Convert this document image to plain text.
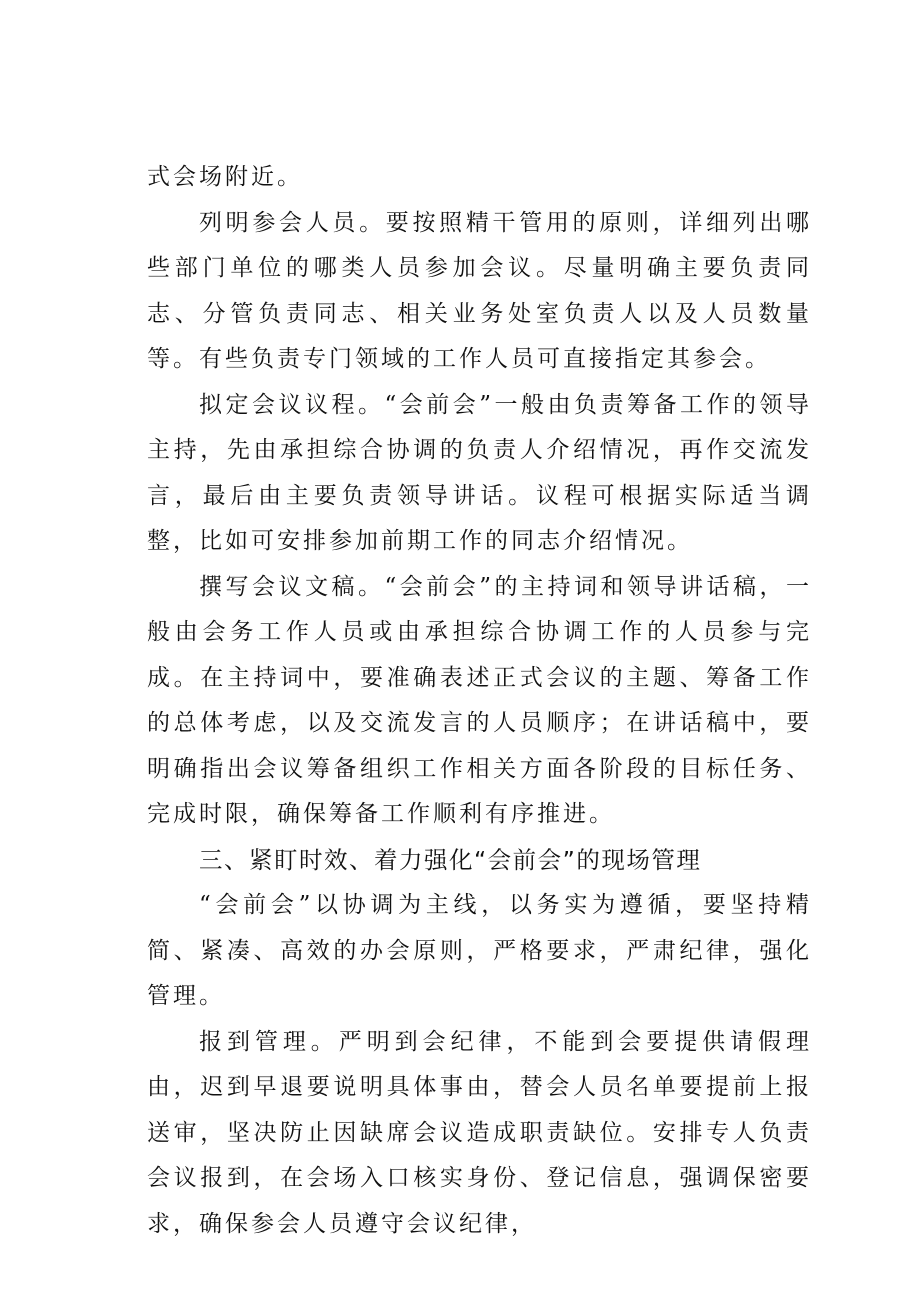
式会场附近。

列明参会人员。要按照精干管用的原则，详细列出哪些部门单位的哪类人员参加会议。尽量明确主要负责同志、分管负责同志、相关业务处室负责人以及人员数量等。有些负责专门领域的工作人员可直接指定其参会。

拟定会议议程。“会前会”一般由负责筹备工作的领导主持，先由承担综合协调的负责人介绍情况，再作交流发言，最后由主要负责领导讲话。议程可根据实际适当调整，比如可安排参加前期工作的同志介绍情况。

撰写会议文稿。“会前会”的主持词和领导讲话稿，一般由会务工作人员或由承担综合协调工作的人员参与完成。在主持词中，要准确表述正式会议的主题、筹备工作的总体考虑，以及交流发言的人员顺序；在讲话稿中，要明确指出会议筹备组织工作相关方面各阶段的目标任务、完成时限，确保筹备工作顺利有序推进。

三、紧盯时效、着力强化“会前会”的现场管理

“会前会”以协调为主线，以务实为遵循，要坚持精简、紧凑、高效的办会原则，严格要求，严肃纪律，强化管理。

报到管理。严明到会纪律，不能到会要提供请假理由，迟到早退要说明具体事由，替会人员名单要提前上报送审，坚决防止因缺席会议造成职责缺位。安排专人负责会议报到，在会场入口核实身份、登记信息，强调保密要求，确保参会人员遵守会议纪律，
